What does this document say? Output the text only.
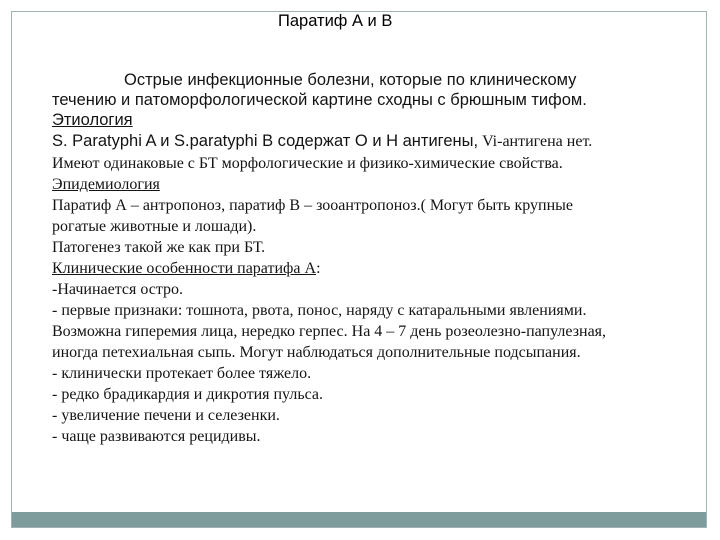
Паратиф А и В

Острые инфекционные болезни, которые по клиническому

течению и патоморфологической картине сходны с брюшным тифом.

Этиология

S. Paratyphi A и S.paratyphi B содержат O и H антигены, Vi-антигена нет.

Имеют одинаковые с БТ морфологические и физико-химические свойства.

Эпидемиология

Паратиф А – антропоноз, паратиф В – зооантропоноз.( Могут быть крупные

рогатые животные и лошади).

Патогенез такой же как при БТ.

Клинические особенности паратифа А:

-Начинается остро.

- первые признаки: тошнота, рвота, понос, наряду с катаральными явлениями.

Возможна гиперемия лица, нередко герпес. На 4 – 7 день розеолезно-папулезная,

иногда петехиальная сыпь. Могут наблюдаться дополнительные подсыпания.

- клинически протекает более тяжело.

- редко брадикардия и дикротия пульса.

- увеличение печени и селезенки.

- чаще развиваются рецидивы.
